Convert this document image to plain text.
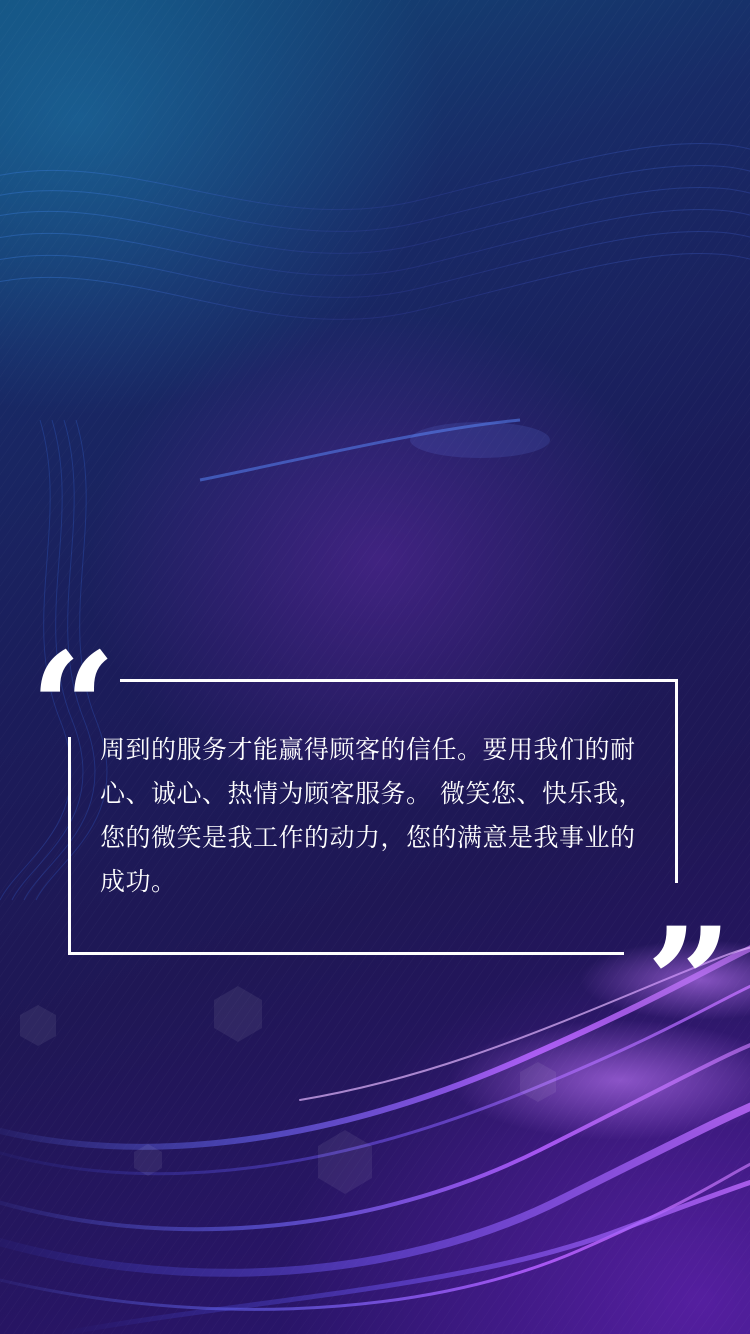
“
”

周到的服务才能赢得顾客的信任。要用我们的耐心、诚心、热情为顾客服务。 微笑您、快乐我，您的微笑是我工作的动力，您的满意是我事业的成功。
